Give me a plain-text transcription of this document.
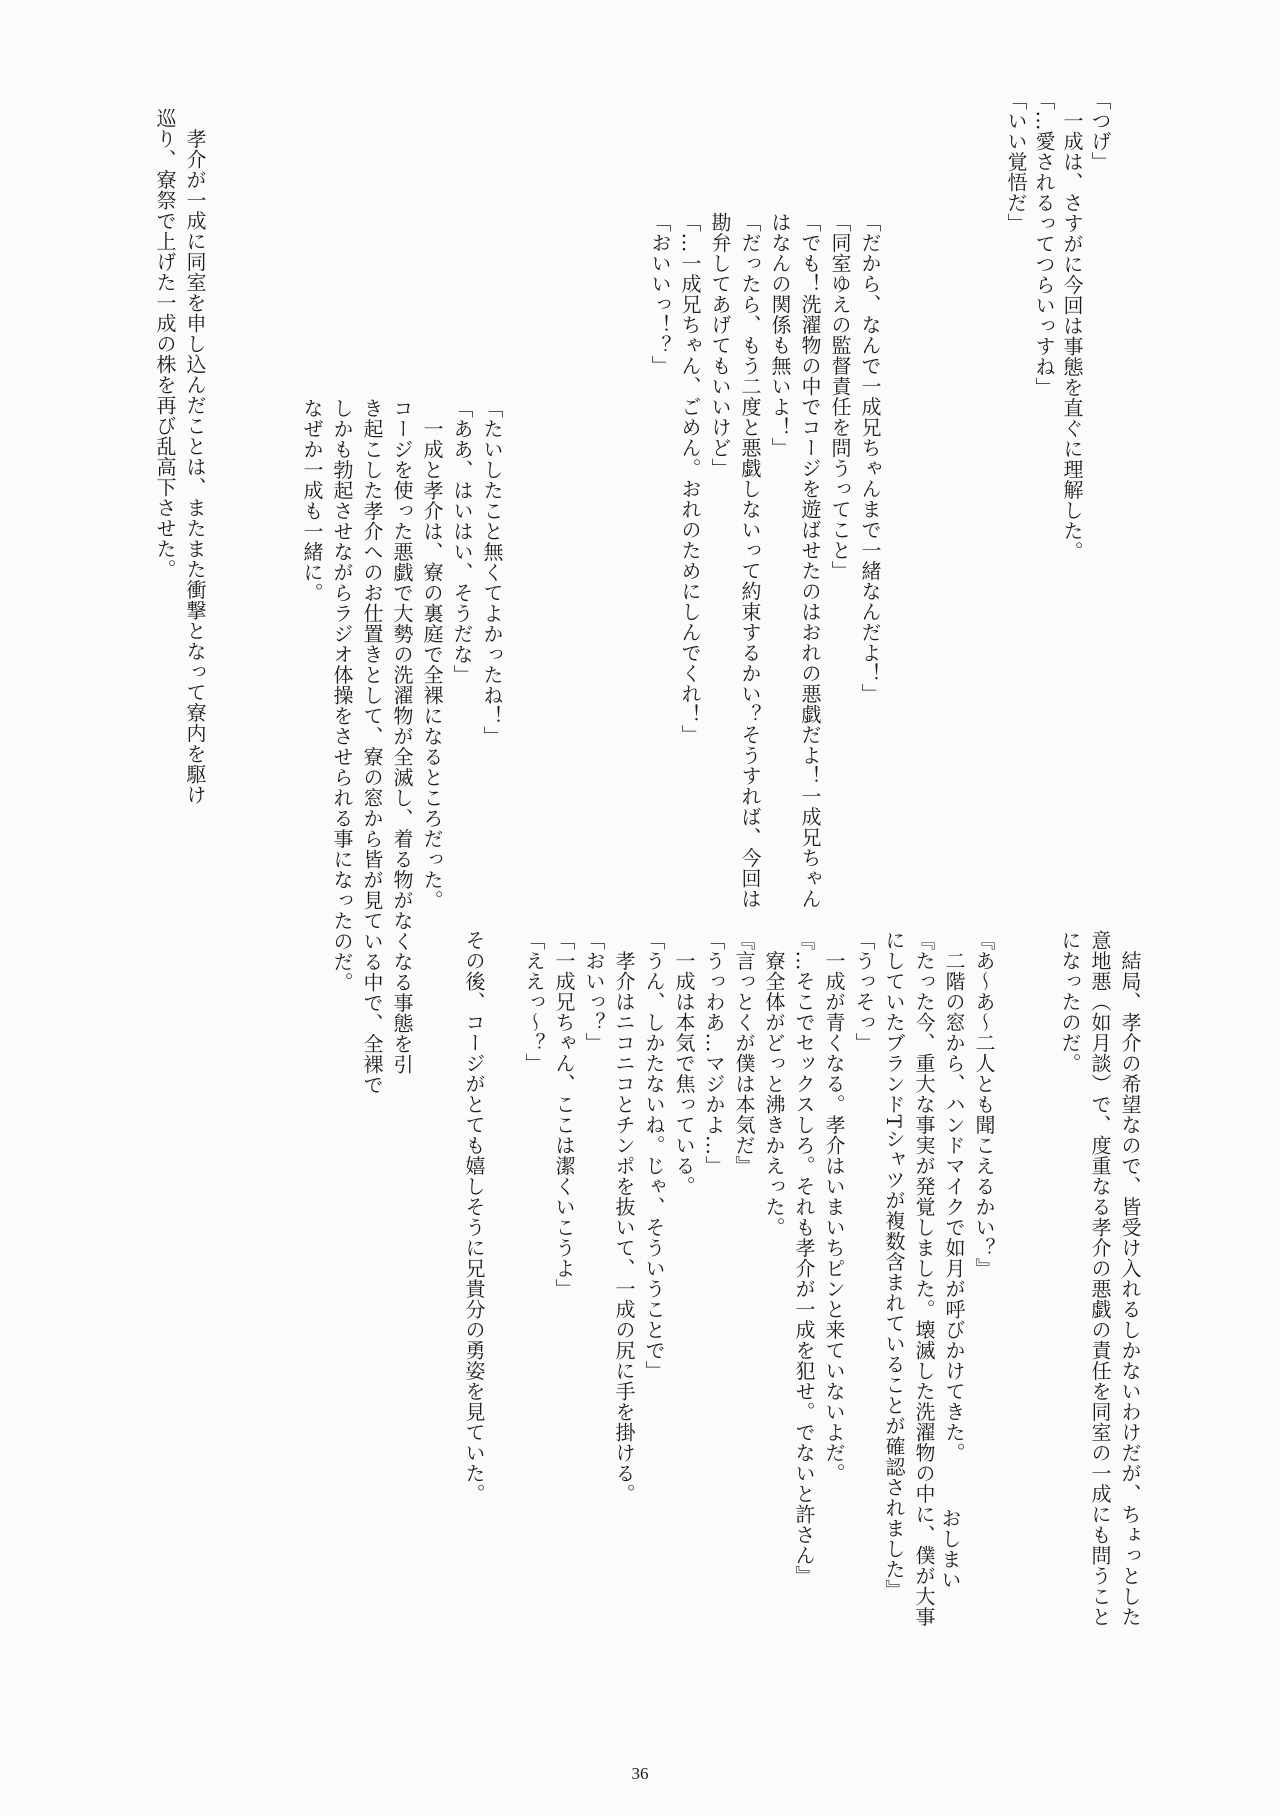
おしまい
36
「つげ」
　一成は、さすがに今回は事態を直ぐに理解した。
「…愛されるってつらいっすね」
「いい覚悟だ」
「だから、なんで一成兄ちゃんまで一緒なんだよ！」
「同室ゆえの監督責任を問うってこと」
「でも！洗濯物の中でコージを遊ばせたのはおれの悪戯だよ！一成兄ちゃん
はなんの関係も無いよ！」
「だったら、もう二度と悪戯しないって約束するかい？そうすれば、今回は
勘弁してあげてもいいけど」
「…一成兄ちゃん、ごめん。おれのためにしんでくれ！」
「おいいっ！？」
「たいしたこと無くてよかったね！」
「ああ、はいはい、そうだな」
　一成と孝介は、寮の裏庭で全裸になるところだった。
コージを使った悪戯で大勢の洗濯物が全滅し、着る物がなくなる事態を引
き起こした孝介へのお仕置きとして、寮の窓から皆が見ている中で、全裸で
しかも勃起させながらラジオ体操をさせられる事になったのだ。
なぜか一成も一緒に。
　孝介が一成に同室を申し込んだことは、またまた衝撃となって寮内を駆け
巡り、寮祭で上げた一成の株を再び乱高下させた。
　結局、孝介の希望なので、皆受け入れるしかないわけだが、ちょっとした
意地悪（如月談）で、度重なる孝介の悪戯の責任を同室の一成にも問うこと
になったのだ。
『あ〜あ〜二人とも聞こえるかい？』
　二階の窓から、ハンドマイクで如月が呼びかけてきた。
『たった今、重大な事実が発覚しました。壊滅した洗濯物の中に、僕が大事
にしていたブランドTシャツが複数含まれていることが確認されました』
「うっそっ」
　一成が青くなる。孝介はいまいちピンと来ていないよだ。
『…そこでセックスしろ。それも孝介が一成を犯せ。でないと許さん』
　寮全体がどっと沸きかえった。
『言っとくが僕は本気だ』
「うっわあ…マジかよ…」
　一成は本気で焦っている。
「うん、しかたないね。じゃ、そういうことで」
　孝介はニコニコとチンポを抜いて、一成の尻に手を掛ける。
「おいっ？」
「一成兄ちゃん、ここは潔くいこうよ」
「ええっ〜？」
その後、コージがとても嬉しそうに兄貴分の勇姿を見ていた。
